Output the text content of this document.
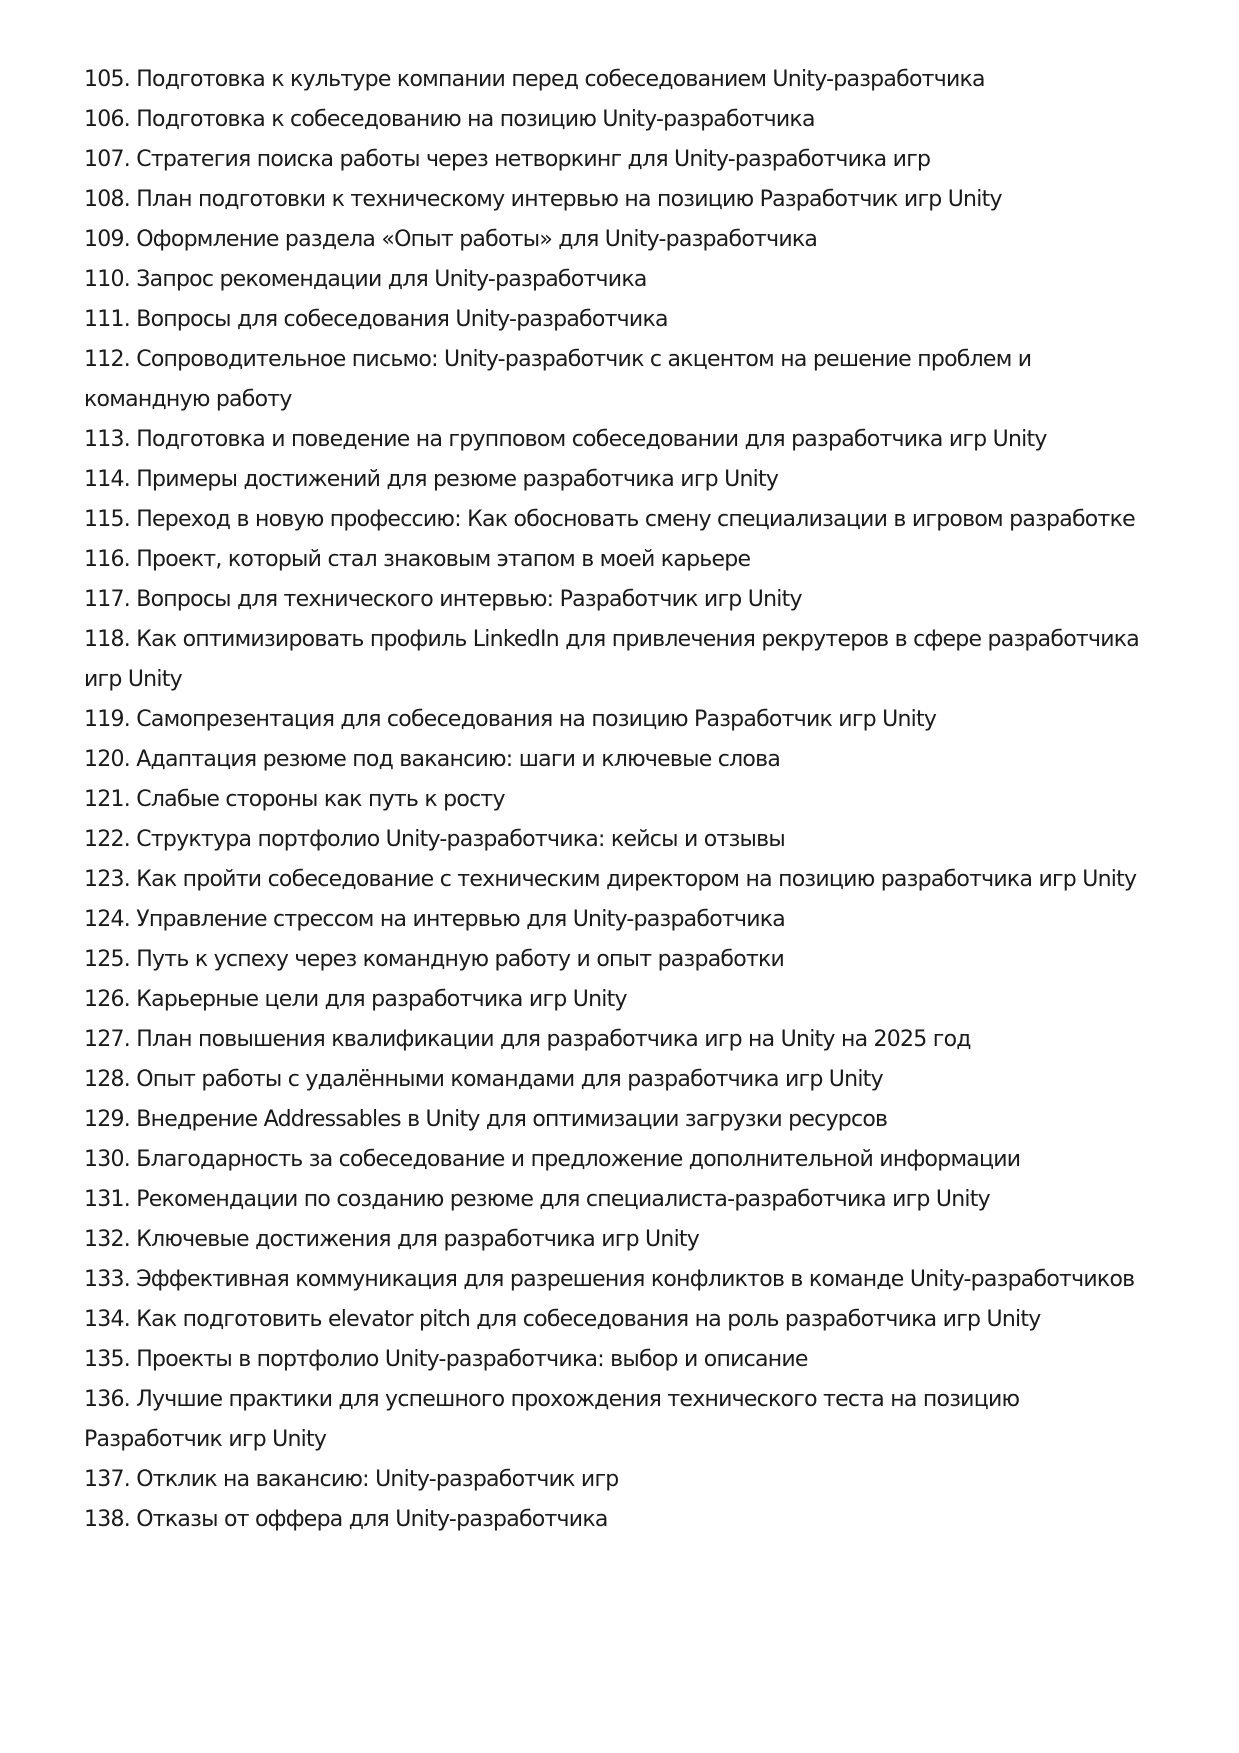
105. Подготовка к культуре компании перед собеседованием Unity-разработчика
106. Подготовка к собеседованию на позицию Unity-разработчика
107. Стратегия поиска работы через нетворкинг для Unity-разработчика игр
108. План подготовки к техническому интервью на позицию Разработчик игр Unity
109. Оформление раздела «Опыт работы» для Unity-разработчика
110. Запрос рекомендации для Unity-разработчика
111. Вопросы для собеседования Unity-разработчика
112. Сопроводительное письмо: Unity-разработчик с акцентом на решение проблем и командную работу
113. Подготовка и поведение на групповом собеседовании для разработчика игр Unity
114. Примеры достижений для резюме разработчика игр Unity
115. Переход в новую профессию: Как обосновать смену специализации в игровом разработке
116. Проект, который стал знаковым этапом в моей карьере
117. Вопросы для технического интервью: Разработчик игр Unity
118. Как оптимизировать профиль LinkedIn для привлечения рекрутеров в сфере разработчика игр Unity
119. Самопрезентация для собеседования на позицию Разработчик игр Unity
120. Адаптация резюме под вакансию: шаги и ключевые слова
121. Слабые стороны как путь к росту
122. Структура портфолио Unity-разработчика: кейсы и отзывы
123. Как пройти собеседование с техническим директором на позицию разработчика игр Unity
124. Управление стрессом на интервью для Unity-разработчика
125. Путь к успеху через командную работу и опыт разработки
126. Карьерные цели для разработчика игр Unity
127. План повышения квалификации для разработчика игр на Unity на 2025 год
128. Опыт работы с удалёнными командами для разработчика игр Unity
129. Внедрение Addressables в Unity для оптимизации загрузки ресурсов
130. Благодарность за собеседование и предложение дополнительной информации
131. Рекомендации по созданию резюме для специалиста-разработчика игр Unity
132. Ключевые достижения для разработчика игр Unity
133. Эффективная коммуникация для разрешения конфликтов в команде Unity-разработчиков
134. Как подготовить elevator pitch для собеседования на роль разработчика игр Unity
135. Проекты в портфолио Unity-разработчика: выбор и описание
136. Лучшие практики для успешного прохождения технического теста на позицию Разработчик игр Unity
137. Отклик на вакансию: Unity-разработчик игр
138. Отказы от оффера для Unity-разработчика
